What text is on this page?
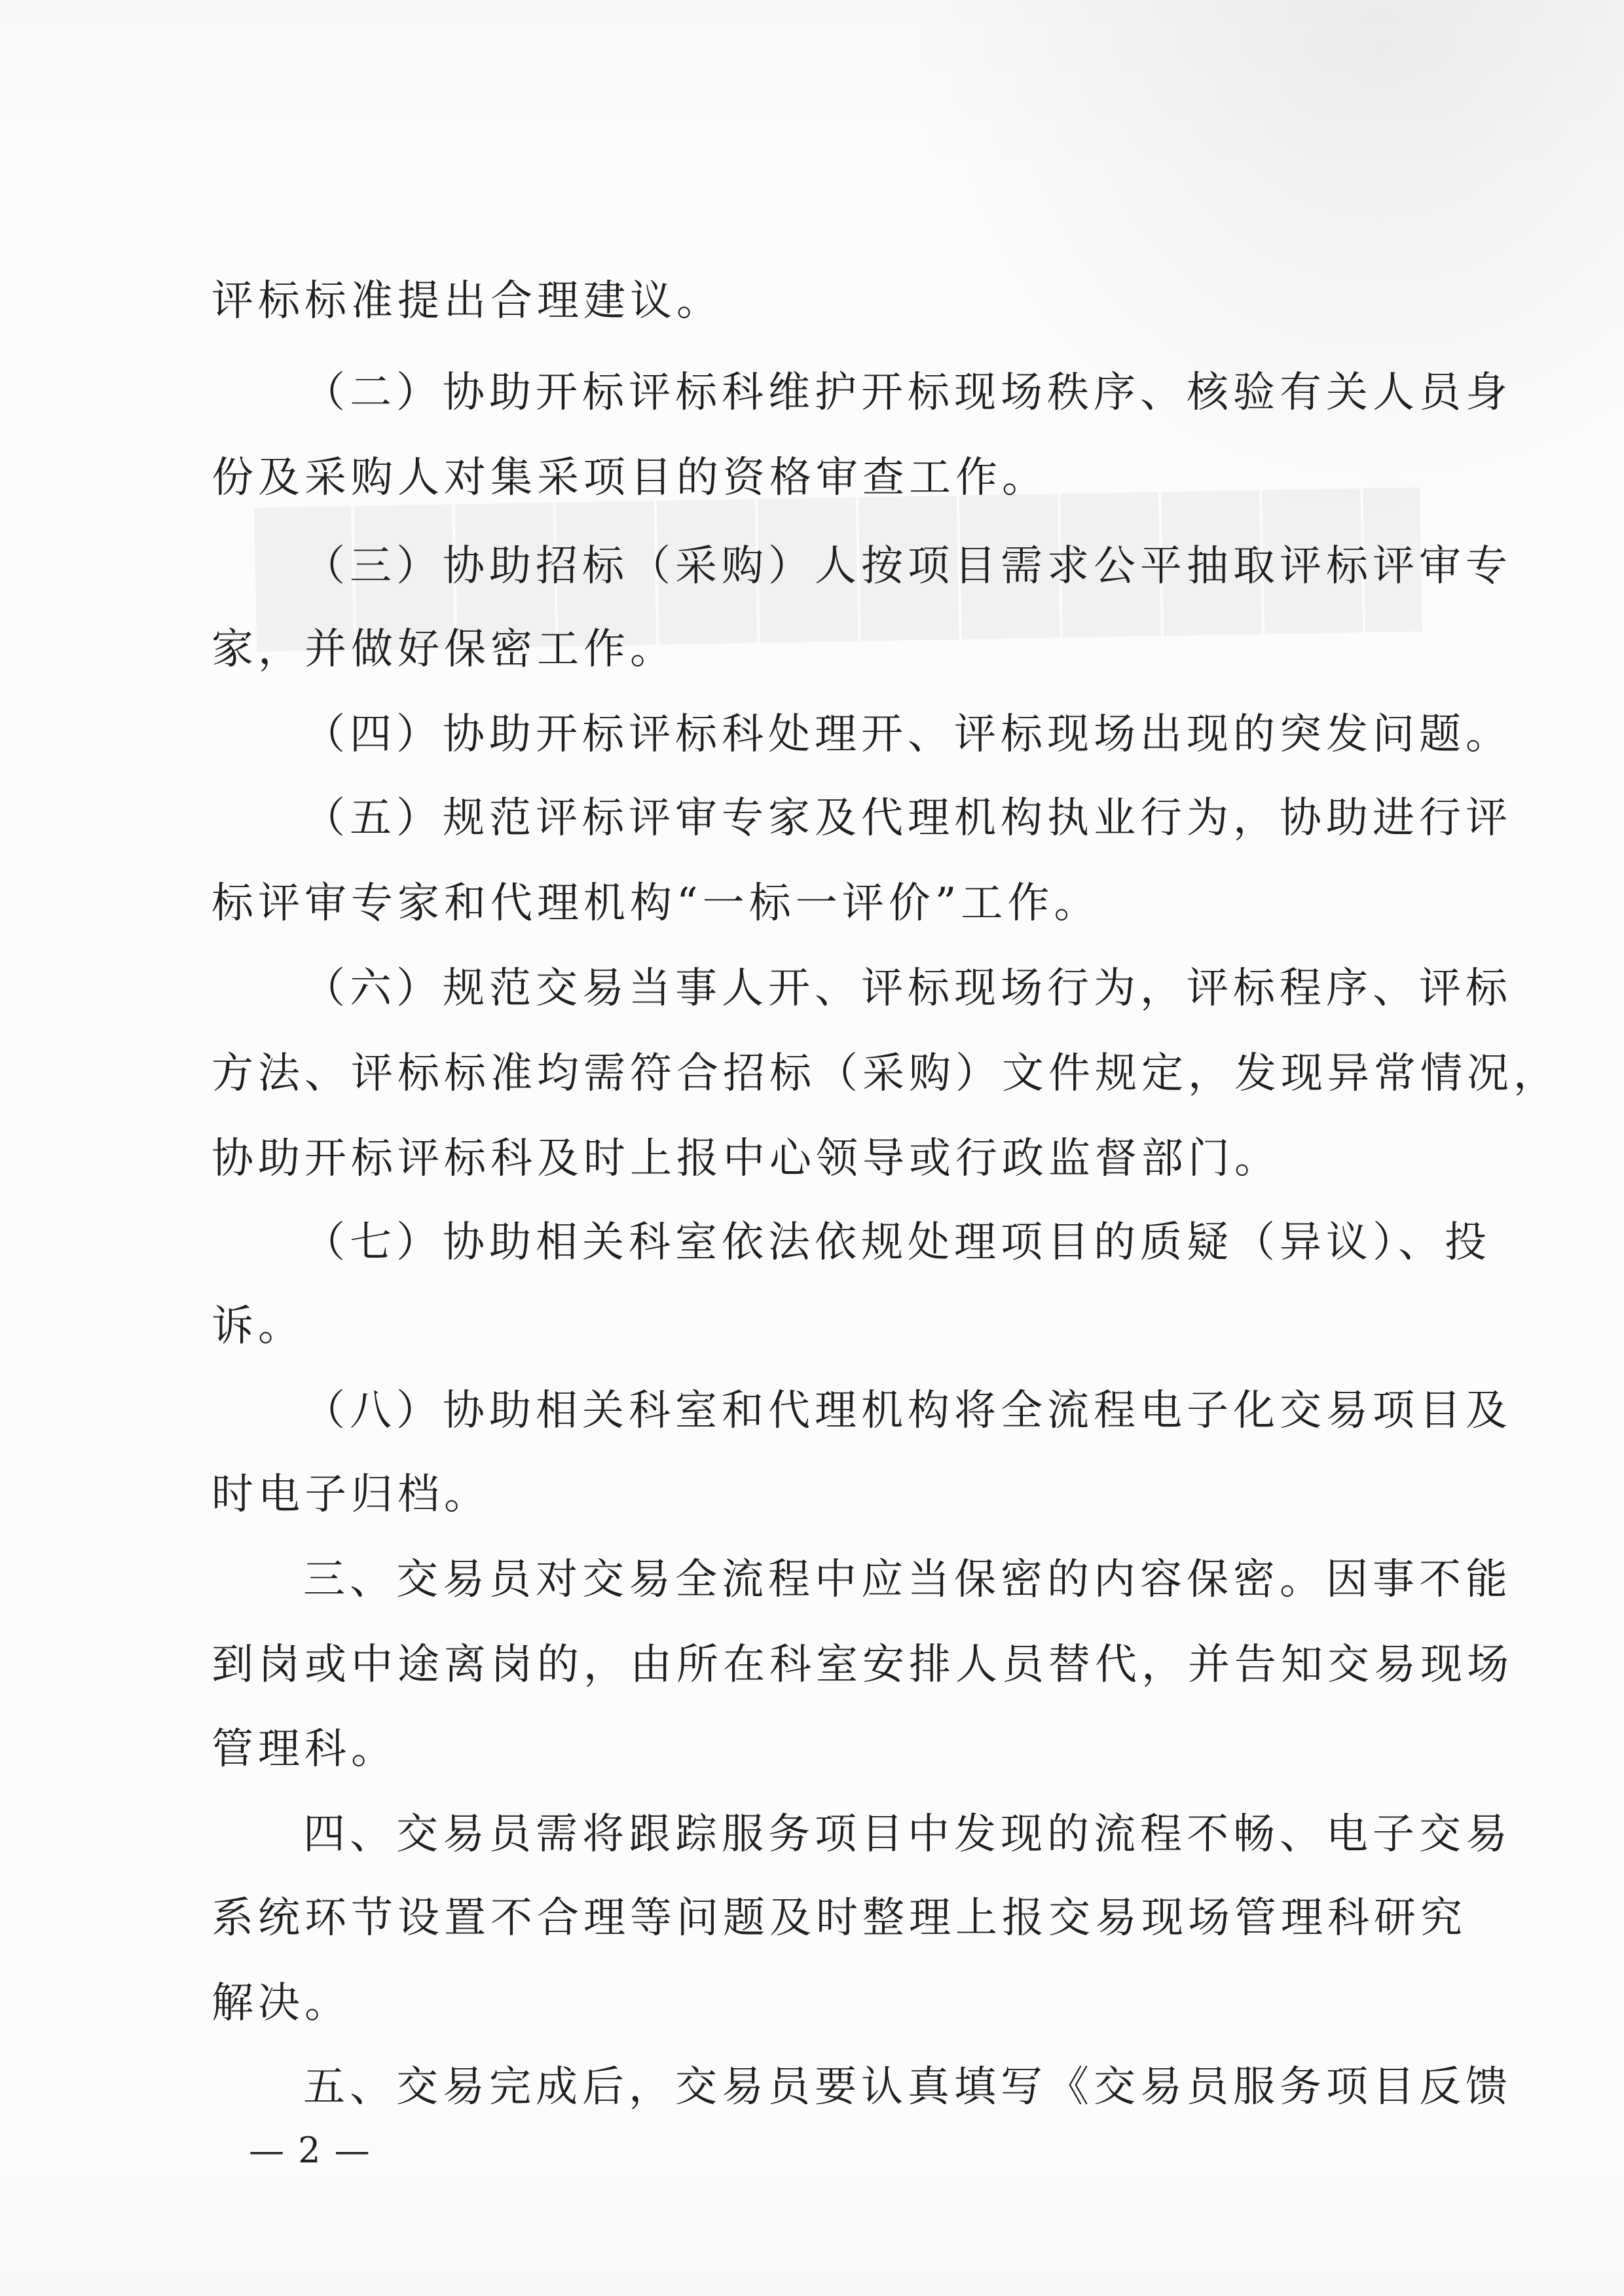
评标标准提出合理建议。
（二）协助开标评标科维护开标现场秩序、核验有关人员身
份及采购人对集采项目的资格审查工作。
（三）协助招标（采购）人按项目需求公平抽取评标评审专
家，并做好保密工作。
（四）协助开标评标科处理开、评标现场出现的突发问题。
（五）规范评标评审专家及代理机构执业行为，协助进行评
标评审专家和代理机构“一标一评价”工作。
（六）规范交易当事人开、评标现场行为，评标程序、评标
方法、评标标准均需符合招标（采购）文件规定，发现异常情况，
协助开标评标科及时上报中心领导或行政监督部门。
（七）协助相关科室依法依规处理项目的质疑（异议）、投
诉。
（八）协助相关科室和代理机构将全流程电子化交易项目及
时电子归档。
三、交易员对交易全流程中应当保密的内容保密。因事不能
到岗或中途离岗的，由所在科室安排人员替代，并告知交易现场
管理科。
四、交易员需将跟踪服务项目中发现的流程不畅、电子交易
系统环节设置不合理等问题及时整理上报交易现场管理科研究
解决。
五、交易完成后，交易员要认真填写《交易员服务项目反馈
— 2 —
